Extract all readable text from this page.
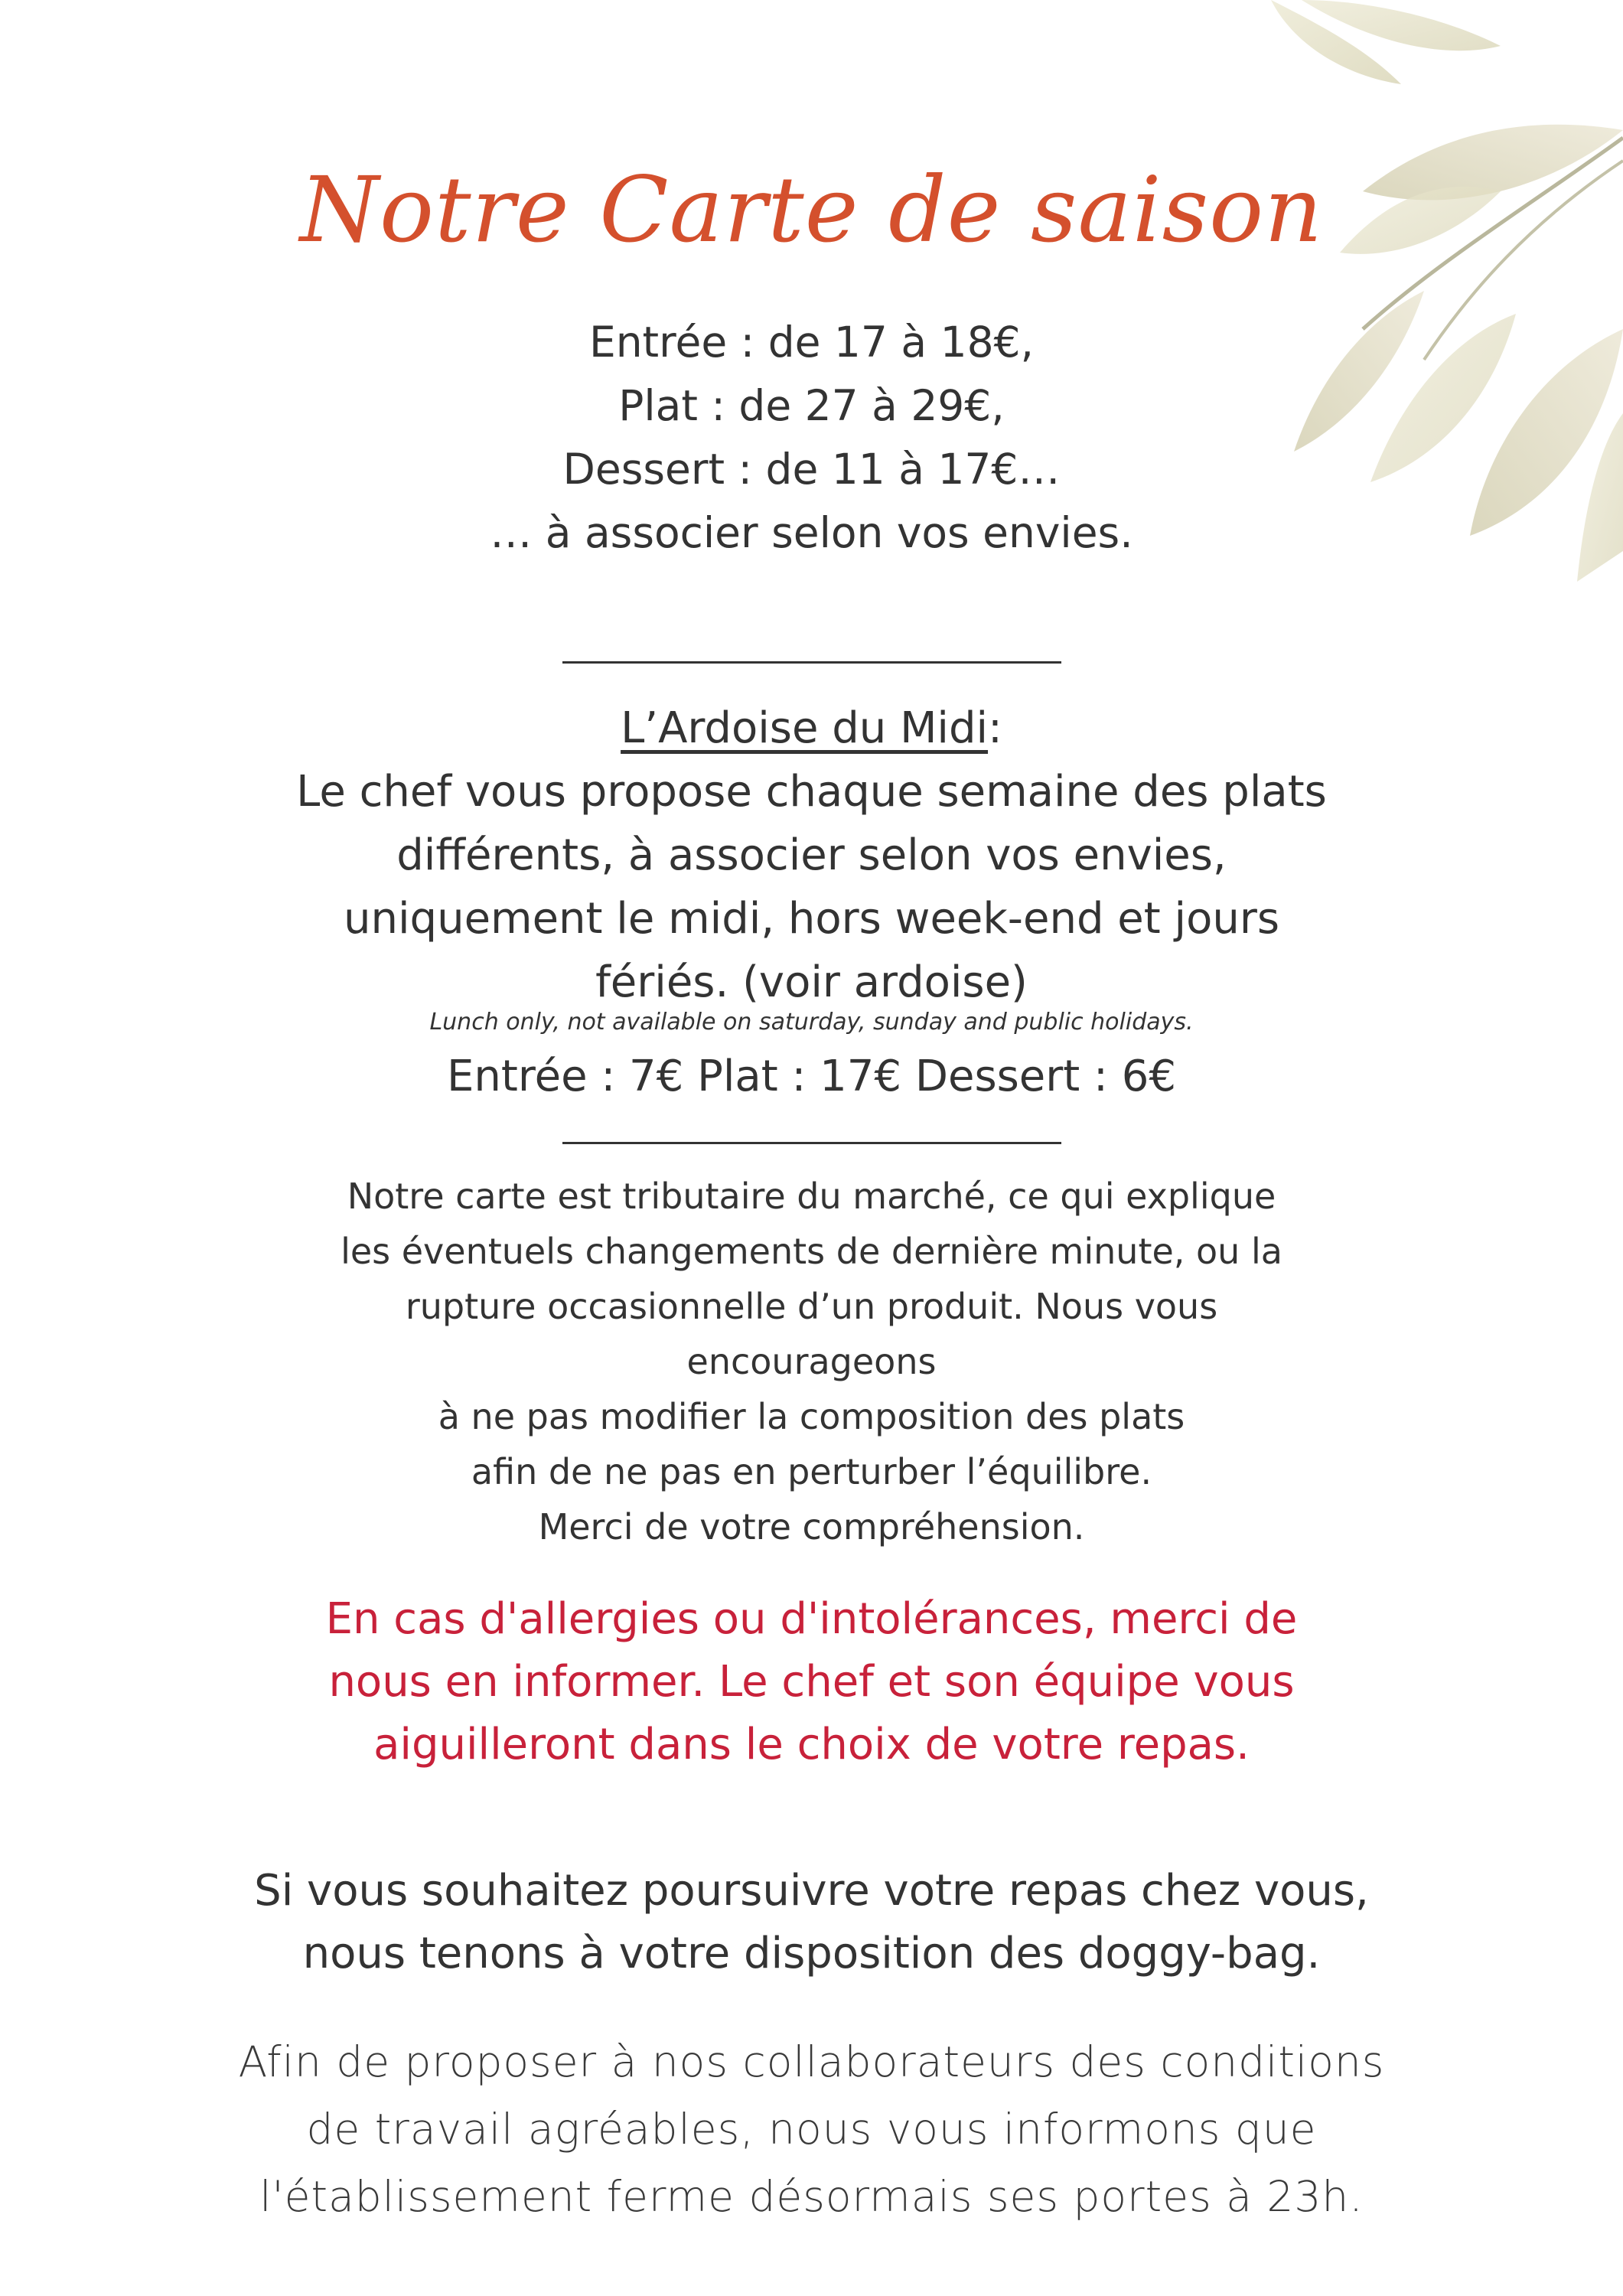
Notre Carte de saison
Entrée : de 17 à 18€,
Plat : de 27 à 29€,
Dessert : de 11 à 17€…
… à associer selon vos envies.
L’Ardoise du Midi:
Le chef vous propose chaque semaine des plats
différents, à associer selon vos envies,
uniquement le midi, hors week-end et jours
fériés. (voir ardoise)
Lunch only, not available on saturday, sunday and public holidays.
Entrée : 7€ Plat : 17€ Dessert : 6€
Notre carte est tributaire du marché, ce qui explique
les éventuels changements de dernière minute, ou la
rupture occasionnelle d’un produit. Nous vous
encourageons
à ne pas modifier la composition des plats
afin de ne pas en perturber l’équilibre.
Merci de votre compréhension.
En cas d'allergies ou d'intolérances, merci de
nous en informer. Le chef et son équipe vous
aiguilleront dans le choix de votre repas.
Si vous souhaitez poursuivre votre repas chez vous,
nous tenons à votre disposition des doggy-bag.
Afin de proposer à nos collaborateurs des conditions
de travail agréables, nous vous informons que
l'établissement ferme désormais ses portes à 23h.
